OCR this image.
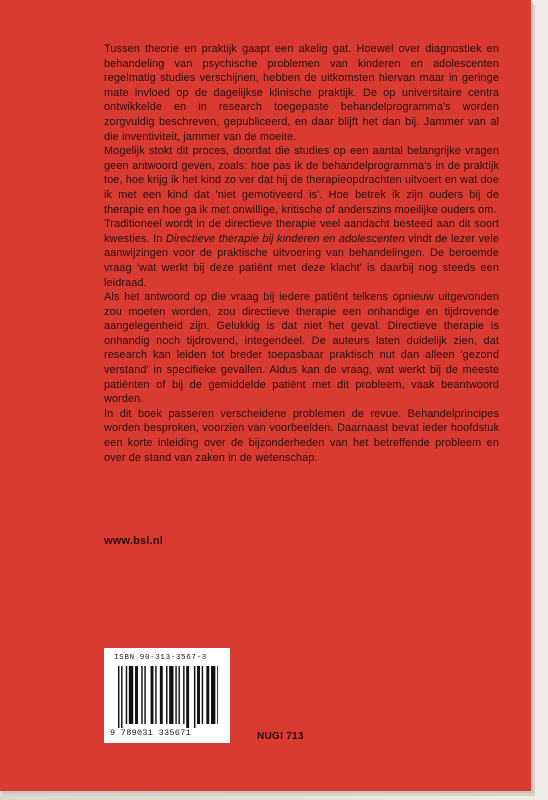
Tussen theorie en praktijk gaapt een akelig gat. Hoewel over diagnostiek en behandeling van psychische problemen van kinderen en adolescenten regelmatig studies verschijnen, hebben de uitkomsten hiervan maar in geringe mate invloed op de dagelijkse klinische praktijk. De op universitaire centra ontwikkelde en in research toegepaste behandelprogramma's worden zorgvuldig beschreven, gepubliceerd, en daar blijft het dan bij. Jammer van al die inventiviteit, jammer van de moeite.

Mogelijk stokt dit proces, doordat die studies op een aantal belangrijke vragen geen antwoord geven, zoals: hoe pas ik de behandelprogramma's in de praktijk toe, hoe krijg ik het kind zo ver dat hij de therapieopdrachten uitvoert en wat doe ik met een kind dat 'niet gemotiveerd is'. Hoe betrek ik zijn ouders bij de therapie en hoe ga ik met onwillige, kritische of anderszins moeilijke ouders om.

Traditioneel wordt in de directieve therapie veel aandacht besteed aan dit soort kwesties. In Directieve therapie bij kinderen en adolescenten vindt de lezer vele aanwijzingen voor de praktische uitvoering van behandelingen. De beroemde vraag 'wat werkt bij deze patiënt met deze klacht' is daarbij nog steeds een leidraad.

Als het antwoord op die vraag bij iedere patiënt telkens opnieuw uitgevonden zou moeten worden, zou directieve therapie een onhandige en tijdrovende aangelegenheid zijn. Gelukkig is dat niet het geval. Directieve therapie is onhandig noch tijdrovend, integendeel. De auteurs laten duidelijk zien, dat research kan leiden tot breder toepasbaar praktisch nut dan alleen 'gezond verstand' in specifieke gevallen. Aldus kan de vraag, wat werkt bij de meeste patiënten of bij de gemiddelde patiënt met dit probleem, vaak beantwoord worden.

In dit boek passeren verscheidene problemen de revue. Behandelprincipes worden besproken, voorzien van voorbeelden. Daarnaast bevat ieder hoofdstuk een korte inleiding over de bijzonderheden van het betreffende probleem en over de stand van zaken in de wetenschap.

www.bsl.nl
ISBN 90-313-3567-3
9 789031 335671	NUGI 713
